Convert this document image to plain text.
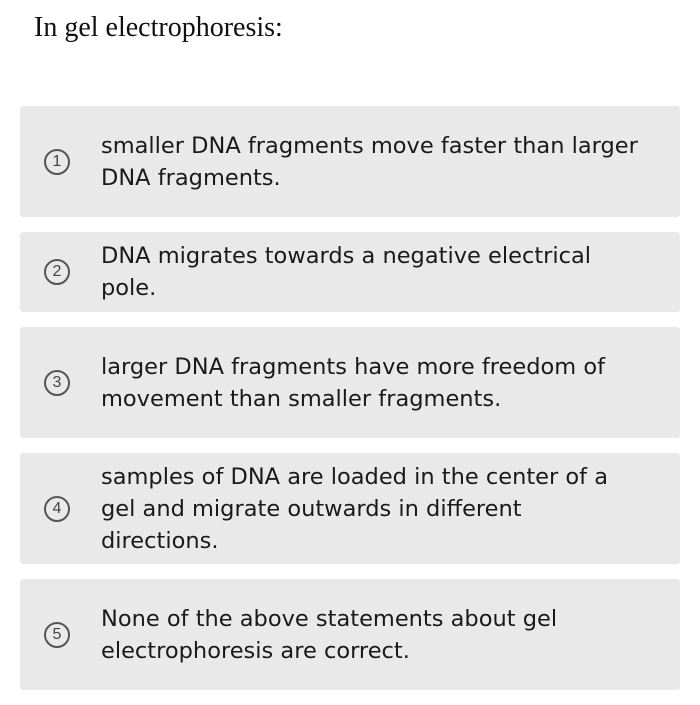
In gel electrophoresis:
1
smaller DNA fragments move faster than larger DNA fragments.
2
DNA migrates towards a negative electrical pole.
3
larger DNA fragments have more freedom of movement than smaller fragments.
4
samples of DNA are loaded in the center of a gel and migrate outwards in different directions.
5
None of the above statements about gel electrophoresis are correct.
